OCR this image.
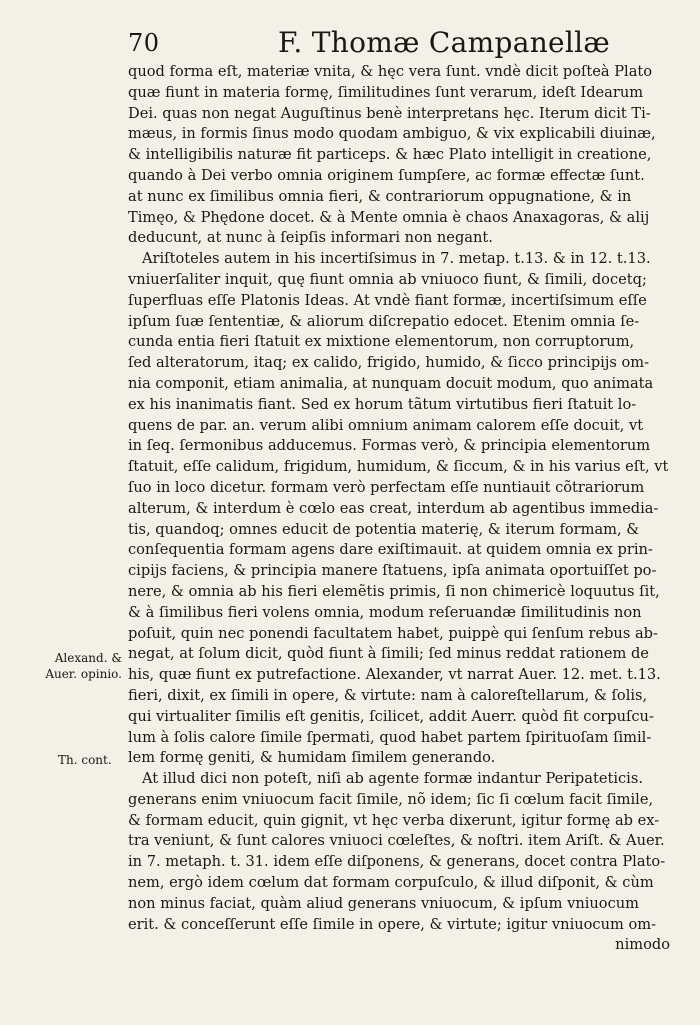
70	F. Thomæ Campanellæ
quod forma eſt, materiæ vnita, & hęc vera ſunt. vndè dicit poſteà Plato
quæ fiunt in materia formę, ſimilitudines ſunt verarum, ideſt Idearum
Dei. quas non negat Auguſtinus benè interpretans hęc. Iterum dicit Ti-
mæus, in formis ſinus modo quodam ambiguo, & vix explicabili diuinæ,
& intelligibilis naturæ fit particeps. & hæc Plato intelligit in creatione,
quando à Dei verbo omnia originem ſumpſere, ac formæ effectæ ſunt.
at nunc ex ſimilibus omnia fieri, & contrariorum oppugnatione, & in
Timęo, & Phędone docet. & à Mente omnia è chaos Anaxagoras, & alij
deducunt, at nunc à ſeipſis informari non negant.
Ariſtoteles autem in his incertiſsimus in 7. metap. t.13. & in 12. t.13.
vniuerſaliter inquit, quę fiunt omnia ab vniuoco fiunt, & ſimili, docetq;
ſuperfluas eſſe Platonis Ideas. At vndè fiant formæ, incertiſsimum eſſe
ipſum ſuæ ſententiæ, & aliorum diſcrepatio edocet. Etenim omnia ſe-
cunda entia fieri ſtatuit ex mixtione elementorum, non corruptorum,
ſed alteratorum, itaq; ex calido, frigido, humido, & ſicco principijs om-
nia componit, etiam animalia, at nunquam docuit modum, quo animata
ex his inanimatis fiant. Sed ex horum tãtum virtutibus fieri ſtatuit lo-
quens de par. an. verum alibi omnium animam calorem eſſe docuit, vt
in ſeq. ſermonibus adducemus. Formas verò, & principia elementorum
ſtatuit, eſſe calidum, frigidum, humidum, & ſiccum, & in his varius eſt, vt
ſuo in loco dicetur. formam verò perfectam eſſe nuntiauit cõtrariorum
alterum, & interdum è cœlo eas creat, interdum ab agentibus immedia-
tis, quandoq; omnes educit de potentia materię, & iterum formam, &
conſequentia formam agens dare exiſtimauit. at quidem omnia ex prin-
cipijs faciens, & principia manere ſtatuens, ipſa animata oportuiſſet po-
nere, & omnia ab his fieri elemẽtis primis, ſi non chimericè loquutus ſit,
& à ſimilibus fieri volens omnia, modum reſeruandæ ſimilitudinis non
poſuit, quin nec ponendi facultatem habet, puippè qui ſenſum rebus ab-
negat, at ſolum dicit, quòd fiunt à ſimili; ſed minus reddat rationem de
his, quæ fiunt ex putrefactione. Alexander, vt narrat Auer. 12. met. t.13.
fieri, dixit, ex ſimili in opere, & virtute: nam à caloreſtellarum, & ſolis,
qui virtualiter ſimilis eſt genitis, ſcilicet, addit Auerr. quòd fit corpuſcu-
lum à ſolis calore ſimile ſpermati, quod habet partem ſpirituoſam ſimil-
lem formę geniti, & humidam ſimilem generando.
At illud dici non poteſt, niſi ab agente formæ indantur Peripateticis.
generans enim vniuocum facit ſimile, nõ idem; ſic ſi cœlum facit ſimile,
& formam educit, quin gignit, vt hęc verba dixerunt, igitur formę ab ex-
tra veniunt, & ſunt calores vniuoci cœleſtes, & noſtri. item Ariſt. & Auer.
in 7. metaph. t. 31. idem eſſe diſponens, & generans, docet contra Plato-
nem, ergò idem cœlum dat formam corpuſculo, & illud diſponit, & cùm
non minus faciat, quàm aliud generans vniuocum, & ipſum vniuocum
erit. & conceſſerunt eſſe ſimile in opere, & virtute; igitur vniuocum om-
nimodo
Alexand. &
Auer. opinio.
Th. cont.
